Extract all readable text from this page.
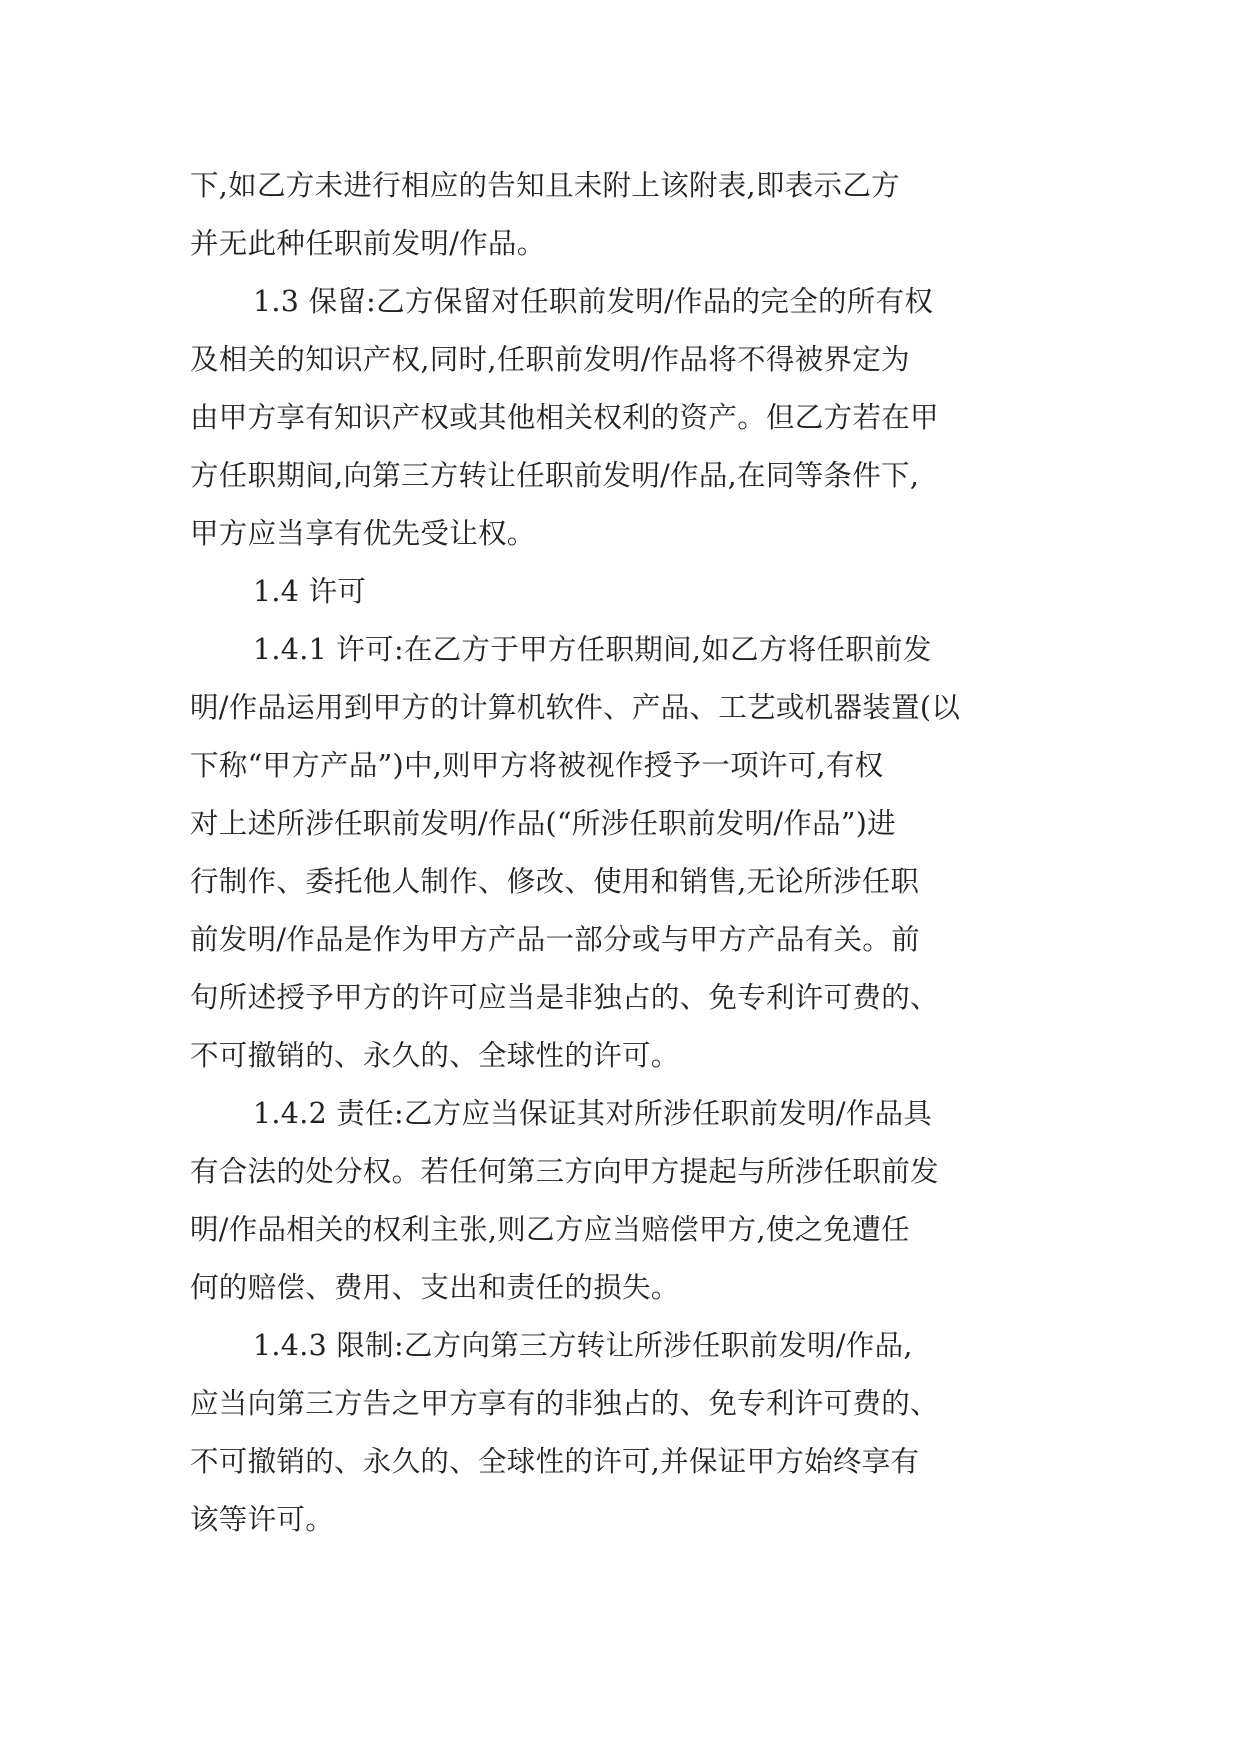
下,如乙方未进行相应的告知且未附上该附表,即表示乙方
并无此种任职前发明/作品。
1.3 保留:乙方保留对任职前发明/作品的完全的所有权
及相关的知识产权,同时,任职前发明/作品将不得被界定为
由甲方享有知识产权或其他相关权利的资产。但乙方若在甲
方任职期间,向第三方转让任职前发明/作品,在同等条件下,
甲方应当享有优先受让权。
1.4 许可
1.4.1 许可:在乙方于甲方任职期间,如乙方将任职前发
明/作品运用到甲方的计算机软件、产品、工艺或机器装置(以
下称“甲方产品”)中,则甲方将被视作授予一项许可,有权
对上述所涉任职前发明/作品(“所涉任职前发明/作品”)进
行制作、委托他人制作、修改、使用和销售,无论所涉任职
前发明/作品是作为甲方产品一部分或与甲方产品有关。前
句所述授予甲方的许可应当是非独占的、免专利许可费的、
不可撤销的、永久的、全球性的许可。
1.4.2 责任:乙方应当保证其对所涉任职前发明/作品具
有合法的处分权。若任何第三方向甲方提起与所涉任职前发
明/作品相关的权利主张,则乙方应当赔偿甲方,使之免遭任
何的赔偿、费用、支出和责任的损失。
1.4.3 限制:乙方向第三方转让所涉任职前发明/作品,
应当向第三方告之甲方享有的非独占的、免专利许可费的、
不可撤销的、永久的、全球性的许可,并保证甲方始终享有
该等许可。
